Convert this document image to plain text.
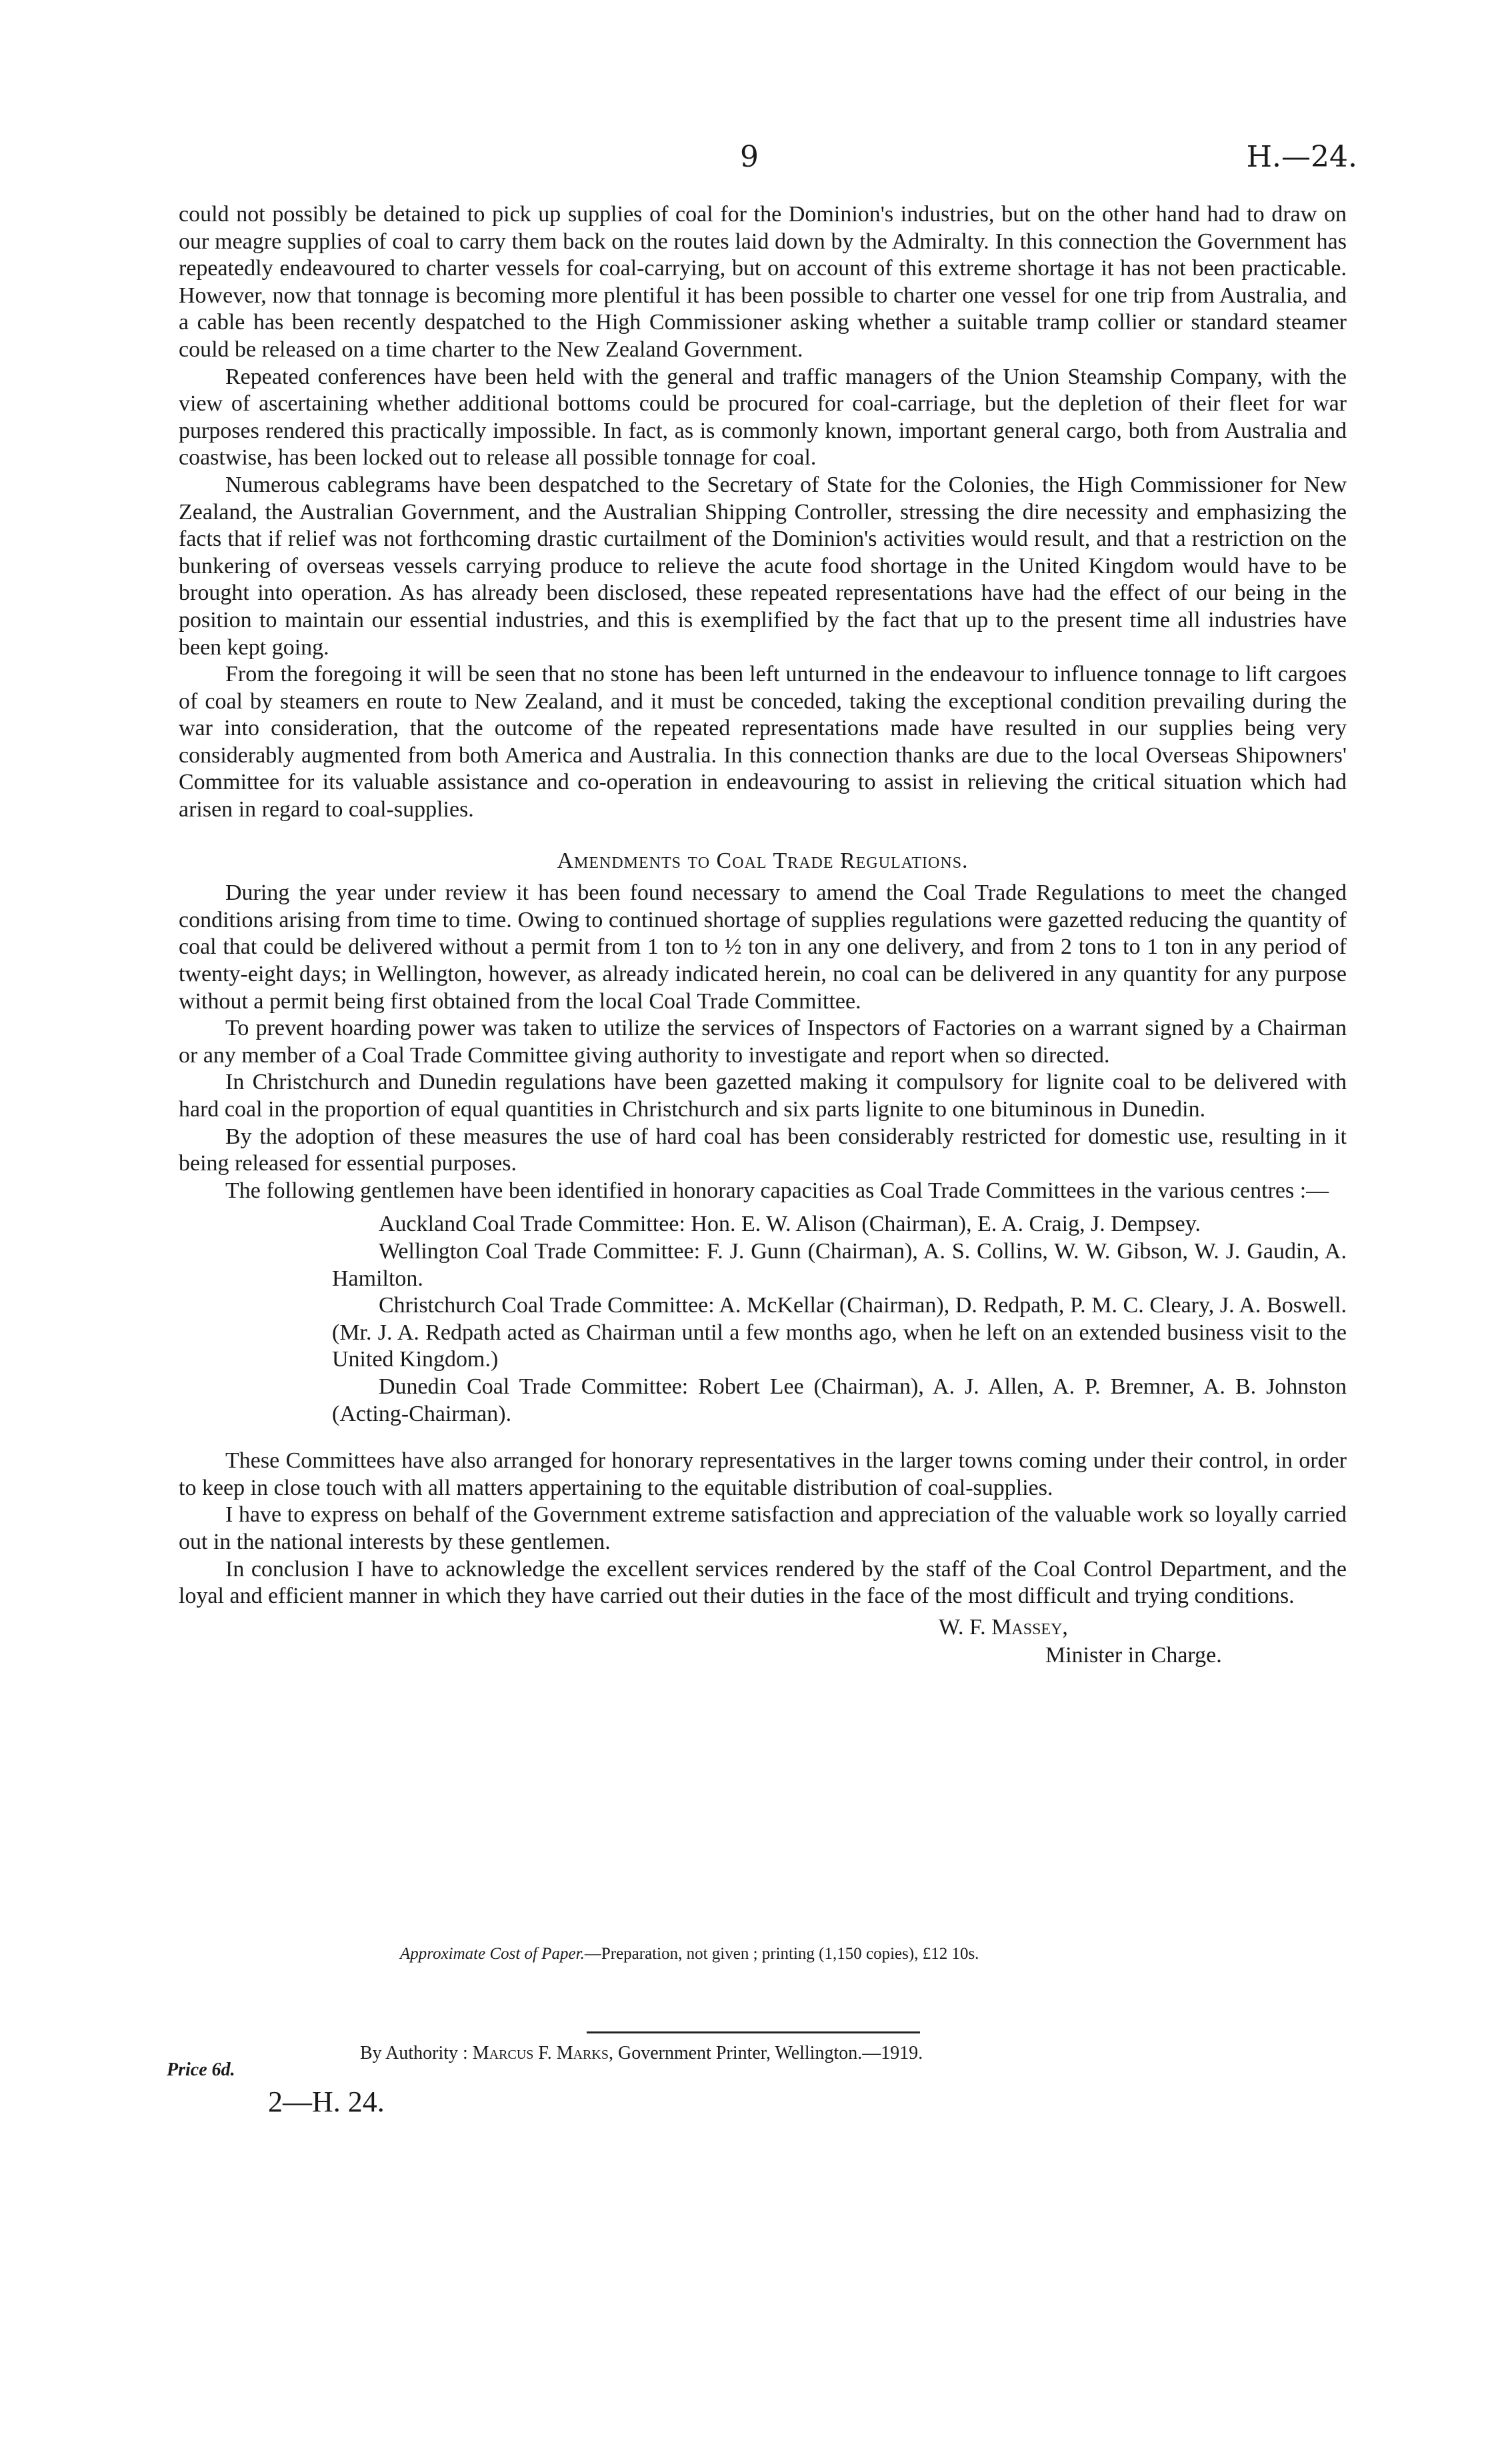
9	H.—24.

could not possibly be detained to pick up supplies of coal for the Dominion's industries, but on the other hand had to draw on our meagre supplies of coal to carry them back on the routes laid down by the Admiralty. In this connection the Government has repeatedly endeavoured to charter vessels for coal-carrying, but on account of this extreme shortage it has not been practicable. However, now that tonnage is becoming more plentiful it has been possible to charter one vessel for one trip from Australia, and a cable has been recently despatched to the High Commissioner asking whether a suitable tramp collier or standard steamer could be released on a time charter to the New Zealand Government.

Repeated conferences have been held with the general and traffic managers of the Union Steamship Company, with the view of ascertaining whether additional bottoms could be procured for coal-carriage, but the depletion of their fleet for war purposes rendered this practically impossible. In fact, as is commonly known, important general cargo, both from Australia and coastwise, has been locked out to release all possible tonnage for coal.

Numerous cablegrams have been despatched to the Secretary of State for the Colonies, the High Commissioner for New Zealand, the Australian Government, and the Australian Shipping Controller, stressing the dire necessity and emphasizing the facts that if relief was not forthcoming drastic curtailment of the Dominion's activities would result, and that a restriction on the bunkering of overseas vessels carrying produce to relieve the acute food shortage in the United Kingdom would have to be brought into operation. As has already been disclosed, these repeated representations have had the effect of our being in the position to maintain our essential industries, and this is exemplified by the fact that up to the present time all industries have been kept going.

From the foregoing it will be seen that no stone has been left unturned in the endeavour to influence tonnage to lift cargoes of coal by steamers en route to New Zealand, and it must be conceded, taking the exceptional condition prevailing during the war into consideration, that the outcome of the repeated representations made have resulted in our supplies being very considerably augmented from both America and Australia. In this connection thanks are due to the local Overseas Shipowners' Committee for its valuable assistance and co-operation in endeavouring to assist in relieving the critical situation which had arisen in regard to coal-supplies.

Amendments to Coal Trade Regulations.

During the year under review it has been found necessary to amend the Coal Trade Regulations to meet the changed conditions arising from time to time. Owing to continued shortage of supplies regulations were gazetted reducing the quantity of coal that could be delivered without a permit from 1 ton to ½ ton in any one delivery, and from 2 tons to 1 ton in any period of twenty-eight days; in Wellington, however, as already indicated herein, no coal can be delivered in any quantity for any purpose without a permit being first obtained from the local Coal Trade Committee.

To prevent hoarding power was taken to utilize the services of Inspectors of Factories on a warrant signed by a Chairman or any member of a Coal Trade Committee giving authority to investigate and report when so directed.

In Christchurch and Dunedin regulations have been gazetted making it compulsory for lignite coal to be delivered with hard coal in the proportion of equal quantities in Christchurch and six parts lignite to one bituminous in Dunedin.

By the adoption of these measures the use of hard coal has been considerably restricted for domestic use, resulting in it being released for essential purposes.

The following gentlemen have been identified in honorary capacities as Coal Trade Committees in the various centres :—

Auckland Coal Trade Committee: Hon. E. W. Alison (Chairman), E. A. Craig, J. Dempsey.

Wellington Coal Trade Committee: F. J. Gunn (Chairman), A. S. Collins, W. W. Gibson, W. J. Gaudin, A. Hamilton.

Christchurch Coal Trade Committee: A. McKellar (Chairman), D. Redpath, P. M. C. Cleary, J. A. Boswell. (Mr. J. A. Redpath acted as Chairman until a few months ago, when he left on an extended business visit to the United Kingdom.)

Dunedin Coal Trade Committee: Robert Lee (Chairman), A. J. Allen, A. P. Bremner, A. B. Johnston (Acting-Chairman).

These Committees have also arranged for honorary representatives in the larger towns coming under their control, in order to keep in close touch with all matters appertaining to the equitable distribution of coal-supplies.

I have to express on behalf of the Government extreme satisfaction and appreciation of the valuable work so loyally carried out in the national interests by these gentlemen.

In conclusion I have to acknowledge the excellent services rendered by the staff of the Coal Control Department, and the loyal and efficient manner in which they have carried out their duties in the face of the most difficult and trying conditions.

W. F. Massey,
Minister in Charge.
Approximate Cost of Paper.—Preparation, not given ; printing (1,150 copies), £12 10s.
By Authority : Marcus F. Marks, Government Printer, Wellington.—1919.
Price 6d.
2—H. 24.
